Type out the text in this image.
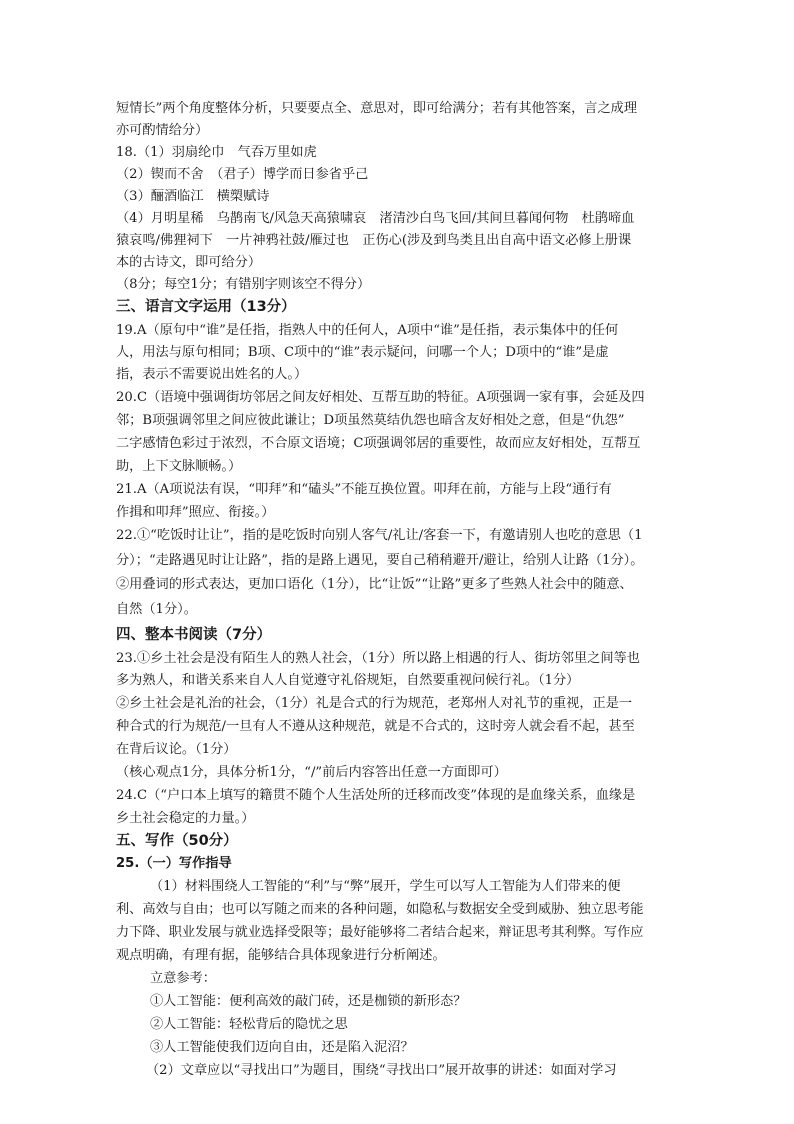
短情长”两个角度整体分析，只要要点全、意思对，即可给满分；若有其他答案，言之成理
亦可酌情给分）
18.（1）羽扇纶巾　气吞万里如虎
（2）锲而不舍　（君子）博学而日参省乎己
（3）酾酒临江　横槊赋诗
（4）月明星稀　乌鹊南飞/风急天高猿啸哀　渚清沙白鸟飞回/其间旦暮闻何物　杜鹃啼血
猿哀鸣/佛狸祠下　一片神鸦社鼓/雁过也　正伤心(涉及到鸟类且出自高中语文必修上册课
本的古诗文，即可给分）
（8分；每空1分；有错别字则该空不得分）
三、语言文字运用（13分）
19.A（原句中“谁”是任指，指熟人中的任何人，A项中“谁”是任指，表示集体中的任何
人，用法与原句相同；B项、C项中的“谁”表示疑问，问哪一个人；D项中的“谁”是虚
指，表示不需要说出姓名的人。）
20.C（语境中强调街坊邻居之间友好相处、互帮互助的特征。A项强调一家有事，会延及四
邻；B项强调邻里之间应彼此谦让；D项虽然莫结仇怨也暗含友好相处之意，但是“仇怨”
二字感情色彩过于浓烈，不合原文语境；C项强调邻居的重要性，故而应友好相处，互帮互
助，上下文脉顺畅。）
21.A（A项说法有误，“叩拜”和“磕头”不能互换位置。叩拜在前，方能与上段“通行有
作揖和叩拜”照应、衔接。）
22.①“吃饭时让让”，指的是吃饭时向别人客气/礼让/客套一下，有邀请别人也吃的意思（1
分）；“走路遇见时让让路”，指的是路上遇见，要自己稍稍避开/避让，给别人让路（1分）。
②用叠词的形式表达，更加口语化（1分），比“让饭”“让路”更多了些熟人社会中的随意、
自然（1分）。
四、整本书阅读（7分）
23.①乡土社会是没有陌生人的熟人社会，（1分）所以路上相遇的行人、街坊邻里之间等也
多为熟人，和谐关系来自人人自觉遵守礼俗规矩，自然要重视问候行礼。（1分）
②乡土社会是礼治的社会，（1分）礼是合式的行为规范，老郑州人对礼节的重视，正是一
种合式的行为规范/一旦有人不遵从这种规范，就是不合式的，这时旁人就会看不起，甚至
在背后议论。（1分）
（核心观点1分，具体分析1分，“/”前后内容答出任意一方面即可）
24.C（“户口本上填写的籍贯不随个人生活处所的迁移而改变”体现的是血缘关系，血缘是
乡土社会稳定的力量。）
五、写作（50分）
25.（一）写作指导
（1）材料围绕人工智能的“利”与“弊”展开，学生可以写人工智能为人们带来的便
利、高效与自由；也可以写随之而来的各种问题，如隐私与数据安全受到威胁、独立思考能
力下降、职业发展与就业选择受限等；最好能够将二者结合起来，辩证思考其利弊。写作应
观点明确，有理有据，能够结合具体现象进行分析阐述。
立意参考：
①人工智能：便利高效的敲门砖，还是枷锁的新形态？
②人工智能：轻松背后的隐忧之思
③人工智能使我们迈向自由，还是陷入泥沼？
（2）文章应以“寻找出口”为题目，围绕“寻找出口”展开故事的讲述：如面对学习
